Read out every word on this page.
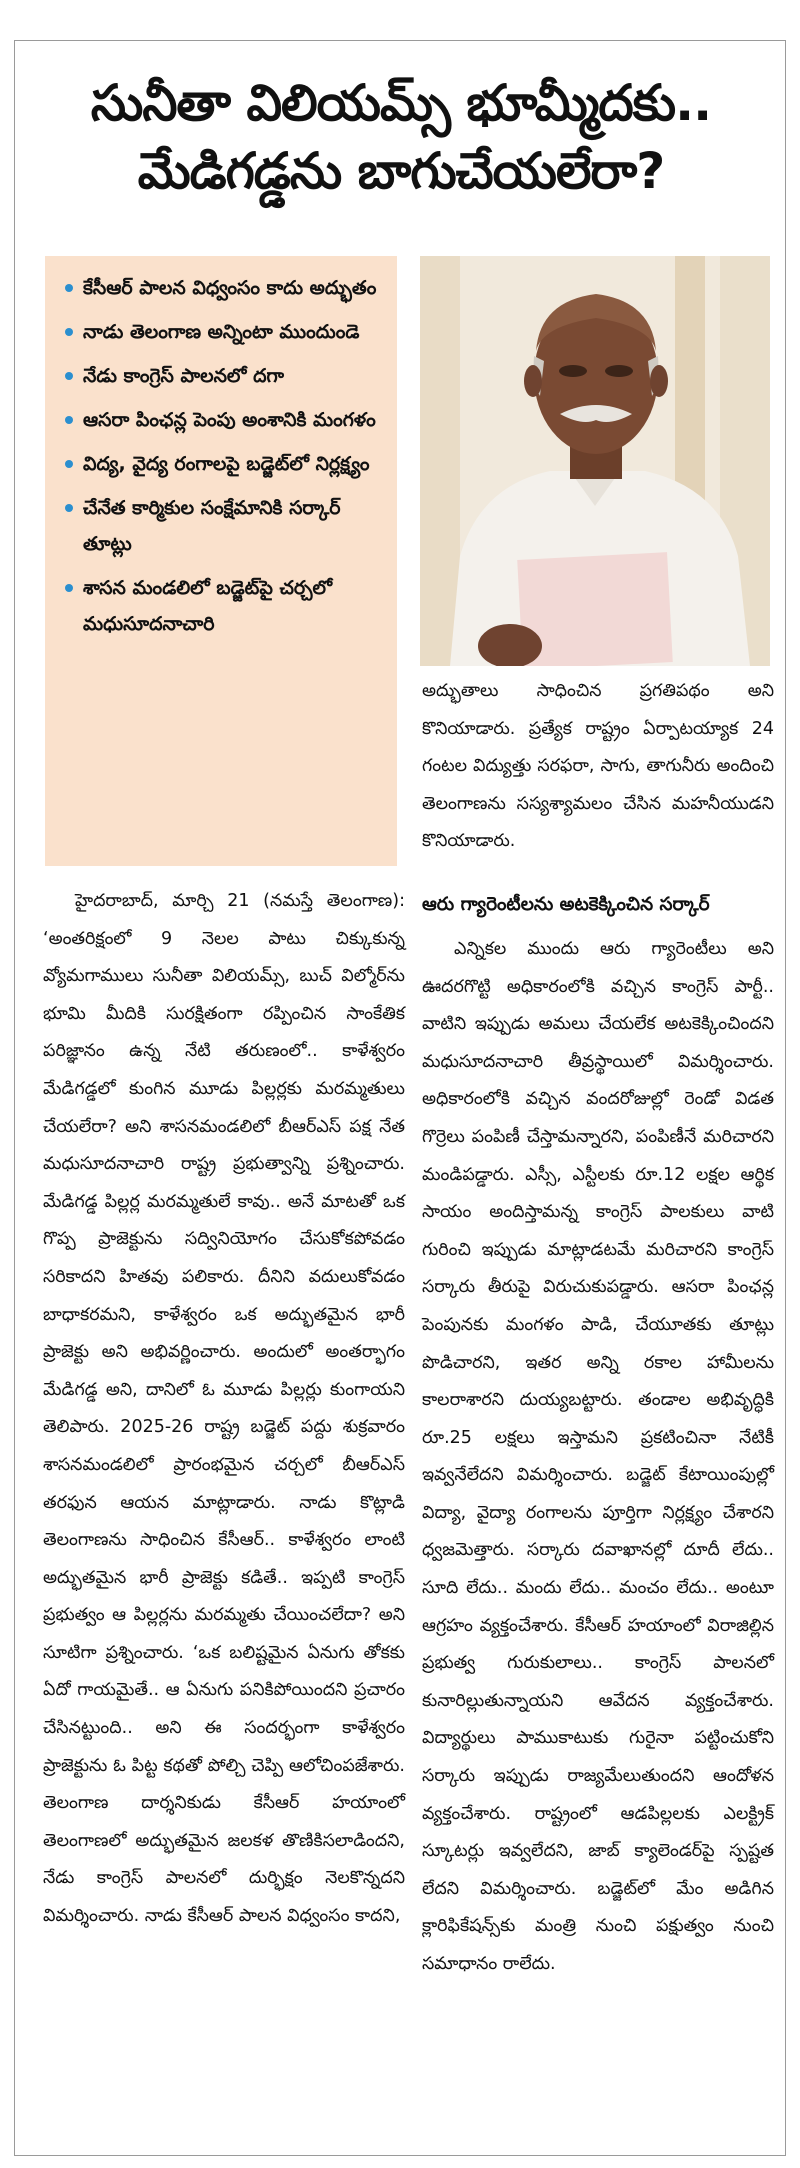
సునీతా విలియమ్స్ భూమ్మీదకు..
మేడిగడ్డను బాగుచేయలేరా?
కేసీఆర్ పాలన విధ్వంసం కాదు అద్భుతం
నాడు తెలంగాణ అన్నింటా ముందుండె
నేడు కాంగ్రెస్ పాలనలో దగా
ఆసరా పింఛన్ల పెంపు అంశానికి మంగళం
విద్య, వైద్య రంగాలపై బడ్జెట్‌లో నిర్లక్ష్యం
చేనేత కార్మికుల సంక్షేమానికి సర్కార్ తూట్లు
శాసన మండలిలో బడ్జెట్‌పై చర్చలో మధుసూదనాచారి

అద్భుతాలు సాధించిన ప్రగతిపథం అని కొనియాడారు. ప్రత్యేక రాష్ట్రం ఏర్పాటయ్యాక 24 గంటల విద్యుత్తు సరఫరా, సాగు, తాగునీరు అందించి తెలంగాణను సస్యశ్యామలం చేసిన మహనీయుడని కొనియాడారు.

ఆరు గ్యారెంటీలను అటకెక్కించిన సర్కార్

ఎన్నికల ముందు ఆరు గ్యారెంటీలు అని ఊదరగొట్టి అధికారంలోకి వచ్చిన కాంగ్రెస్ పార్టీ.. వాటిని ఇప్పుడు అమలు చేయలేక అటకెక్కించిందని మధుసూదనాచారి తీవ్రస్థాయిలో విమర్శించారు. అధికారంలోకి వచ్చిన వందరోజుల్లో రెండో విడత గొర్రెలు పంపిణీ చేస్తామన్నారని, పంపిణీనే మరిచారని మండిపడ్డారు. ఎస్సీ, ఎస్టీలకు రూ.12 లక్షల ఆర్థిక సాయం అందిస్తామన్న కాంగ్రెస్ పాలకులు వాటి గురించి ఇప్పుడు మాట్లాడటమే మరిచారని కాంగ్రెస్ సర్కారు తీరుపై విరుచుకుపడ్డారు. ఆసరా పింఛన్ల పెంపునకు మంగళం పాడి, చేయూతకు తూట్లు పొడిచారని, ఇతర అన్ని రకాల హామీలను కాలరాశారని దుయ్యబట్టారు. తండాల అభివృద్ధికి రూ.25 లక్షలు ఇస్తామని ప్రకటించినా నేటికీ ఇవ్వనేలేదని విమర్శించారు. బడ్జెట్ కేటాయింపుల్లో విద్యా, వైద్యా రంగాలను పూర్తిగా నిర్లక్ష్యం చేశారని ధ్వజమెత్తారు. సర్కారు దవాఖానల్లో దూదీ లేదు.. సూది లేదు.. మందు లేదు.. మంచం లేదు.. అంటూ ఆగ్రహం వ్యక్తంచేశారు. కేసీఆర్ హయాంలో విరాజిల్లిన ప్రభుత్వ గురుకులాలు.. కాంగ్రెస్ పాలనలో కునారిల్లుతున్నాయని ఆవేదన వ్యక్తంచేశారు. విద్యార్థులు పాముకాటుకు గురైనా పట్టించుకోని సర్కారు ఇప్పుడు రాజ్యమేలుతుందని ఆందోళన వ్యక్తంచేశారు. రాష్ట్రంలో ఆడపిల్లలకు ఎలక్ట్రిక్ స్కూటర్లు ఇవ్వలేదని, జాబ్ క్యాలెండర్‌పై స్పష్టత లేదని విమర్శించారు. బడ్జెట్‌లో మేం అడిగిన క్లారిఫికేషన్స్‌కు మంత్రి నుంచి పక్షుత్వం నుంచి సమాధానం రాలేదు.

హైదరాబాద్, మార్చి 21 (నమస్తే తెలంగాణ): ‘అంతరిక్షంలో 9 నెలల పాటు చిక్కుకున్న వ్యోమగాములు సునీతా విలియమ్స్, బుచ్ విల్మోర్‌ను భూమి మీదికి సురక్షితంగా రప్పించిన సాంకేతిక పరిజ్ఞానం ఉన్న నేటి తరుణంలో.. కాళేశ్వరం మేడిగడ్డలో కుంగిన మూడు పిల్లర్లకు మరమ్మతులు చేయలేరా? అని శాసనమండలిలో బీఆర్‌ఎస్ పక్ష నేత మధుసూదనాచారి రాష్ట్ర ప్రభుత్వాన్ని ప్రశ్నించారు. మేడిగడ్డ పిల్లర్ల మరమ్మతులే కావు.. అనే మాటతో ఒక గొప్ప ప్రాజెక్టును సద్వినియోగం చేసుకోకపోవడం సరికాదని హితవు పలికారు. దీనిని వదులుకోవడం బాధాకరమని, కాళేశ్వరం ఒక అద్భుతమైన భారీ ప్రాజెక్టు అని అభివర్ణించారు. అందులో అంతర్భాగం మేడిగడ్డ అని, దానిలో ఓ మూడు పిల్లర్లు కుంగాయని తెలిపారు. 2025-26 రాష్ట్ర బడ్జెట్ పద్దు శుక్రవారం శాసనమండలిలో ప్రారంభమైన చర్చలో బీఆర్‌ఎస్ తరఫున ఆయన మాట్లాడారు. నాడు కొట్లాడి తెలంగాణను సాధించిన కేసీఆర్.. కాళేశ్వరం లాంటి అద్భుతమైన భారీ ప్రాజెక్టు కడితే.. ఇప్పటి కాంగ్రెస్ ప్రభుత్వం ఆ పిల్లర్లను మరమ్మతు చేయించలేదా? అని సూటిగా ప్రశ్నించారు. ‘ఒక బలిష్టమైన ఏనుగు తోకకు ఏదో గాయమైతే.. ఆ ఏనుగు పనికిపోయిందని ప్రచారం చేసినట్టుంది.. అని ఈ సందర్భంగా కాళేశ్వరం ప్రాజెక్టును ఓ పిట్ట కథతో పోల్చి చెప్పి ఆలోచింపజేశారు. తెలంగాణ దార్శనికుడు కేసీఆర్ హయాంలో తెలంగాణలో అద్భుతమైన జలకళ తొణికిసలాడిందని, నేడు కాంగ్రెస్ పాలనలో దుర్భిక్షం నెలకొన్నదని విమర్శించారు. నాడు కేసీఆర్ పాలన విధ్వంసం కాదని,
